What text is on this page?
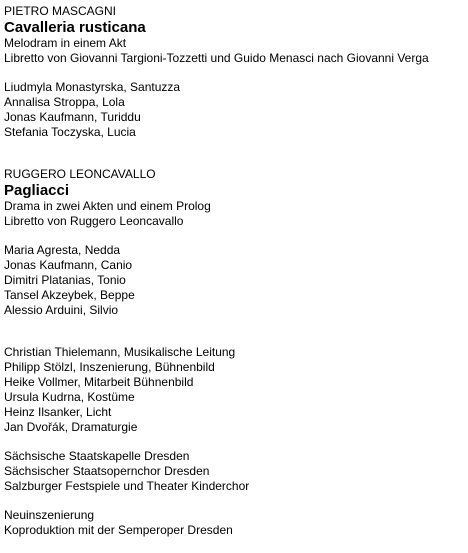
PIETRO MASCAGNI

Cavalleria rusticana

Melodram in einem Akt

Libretto von Giovanni Targioni-Tozzetti und Guido Menasci nach Giovanni Verga

Liudmyla Monastyrska, Santuzza
Annalisa Stroppa, Lola
Jonas Kaufmann, Turiddu
Stefania Toczyska, Lucia

RUGGERO LEONCAVALLO

Pagliacci

Drama in zwei Akten und einem Prolog

Libretto von Ruggero Leoncavallo

Maria Agresta, Nedda
Jonas Kaufmann, Canio
Dimitri Platanias, Tonio
Tansel Akzeybek, Beppe
Alessio Arduini, Silvio
Christian Thielemann, Musikalische Leitung
Philipp Stölzl, Inszenierung, Bühnenbild
Heike Vollmer, Mitarbeit Bühnenbild
Ursula Kudrna, Kostüme
Heinz Ilsanker, Licht
Jan Dvořák, Dramaturgie
Sächsische Staatskapelle Dresden
Sächsischer Staatsopernchor Dresden
Salzburger Festspiele und Theater Kinderchor

Neuinszenierung

Koproduktion mit der Semperoper Dresden
